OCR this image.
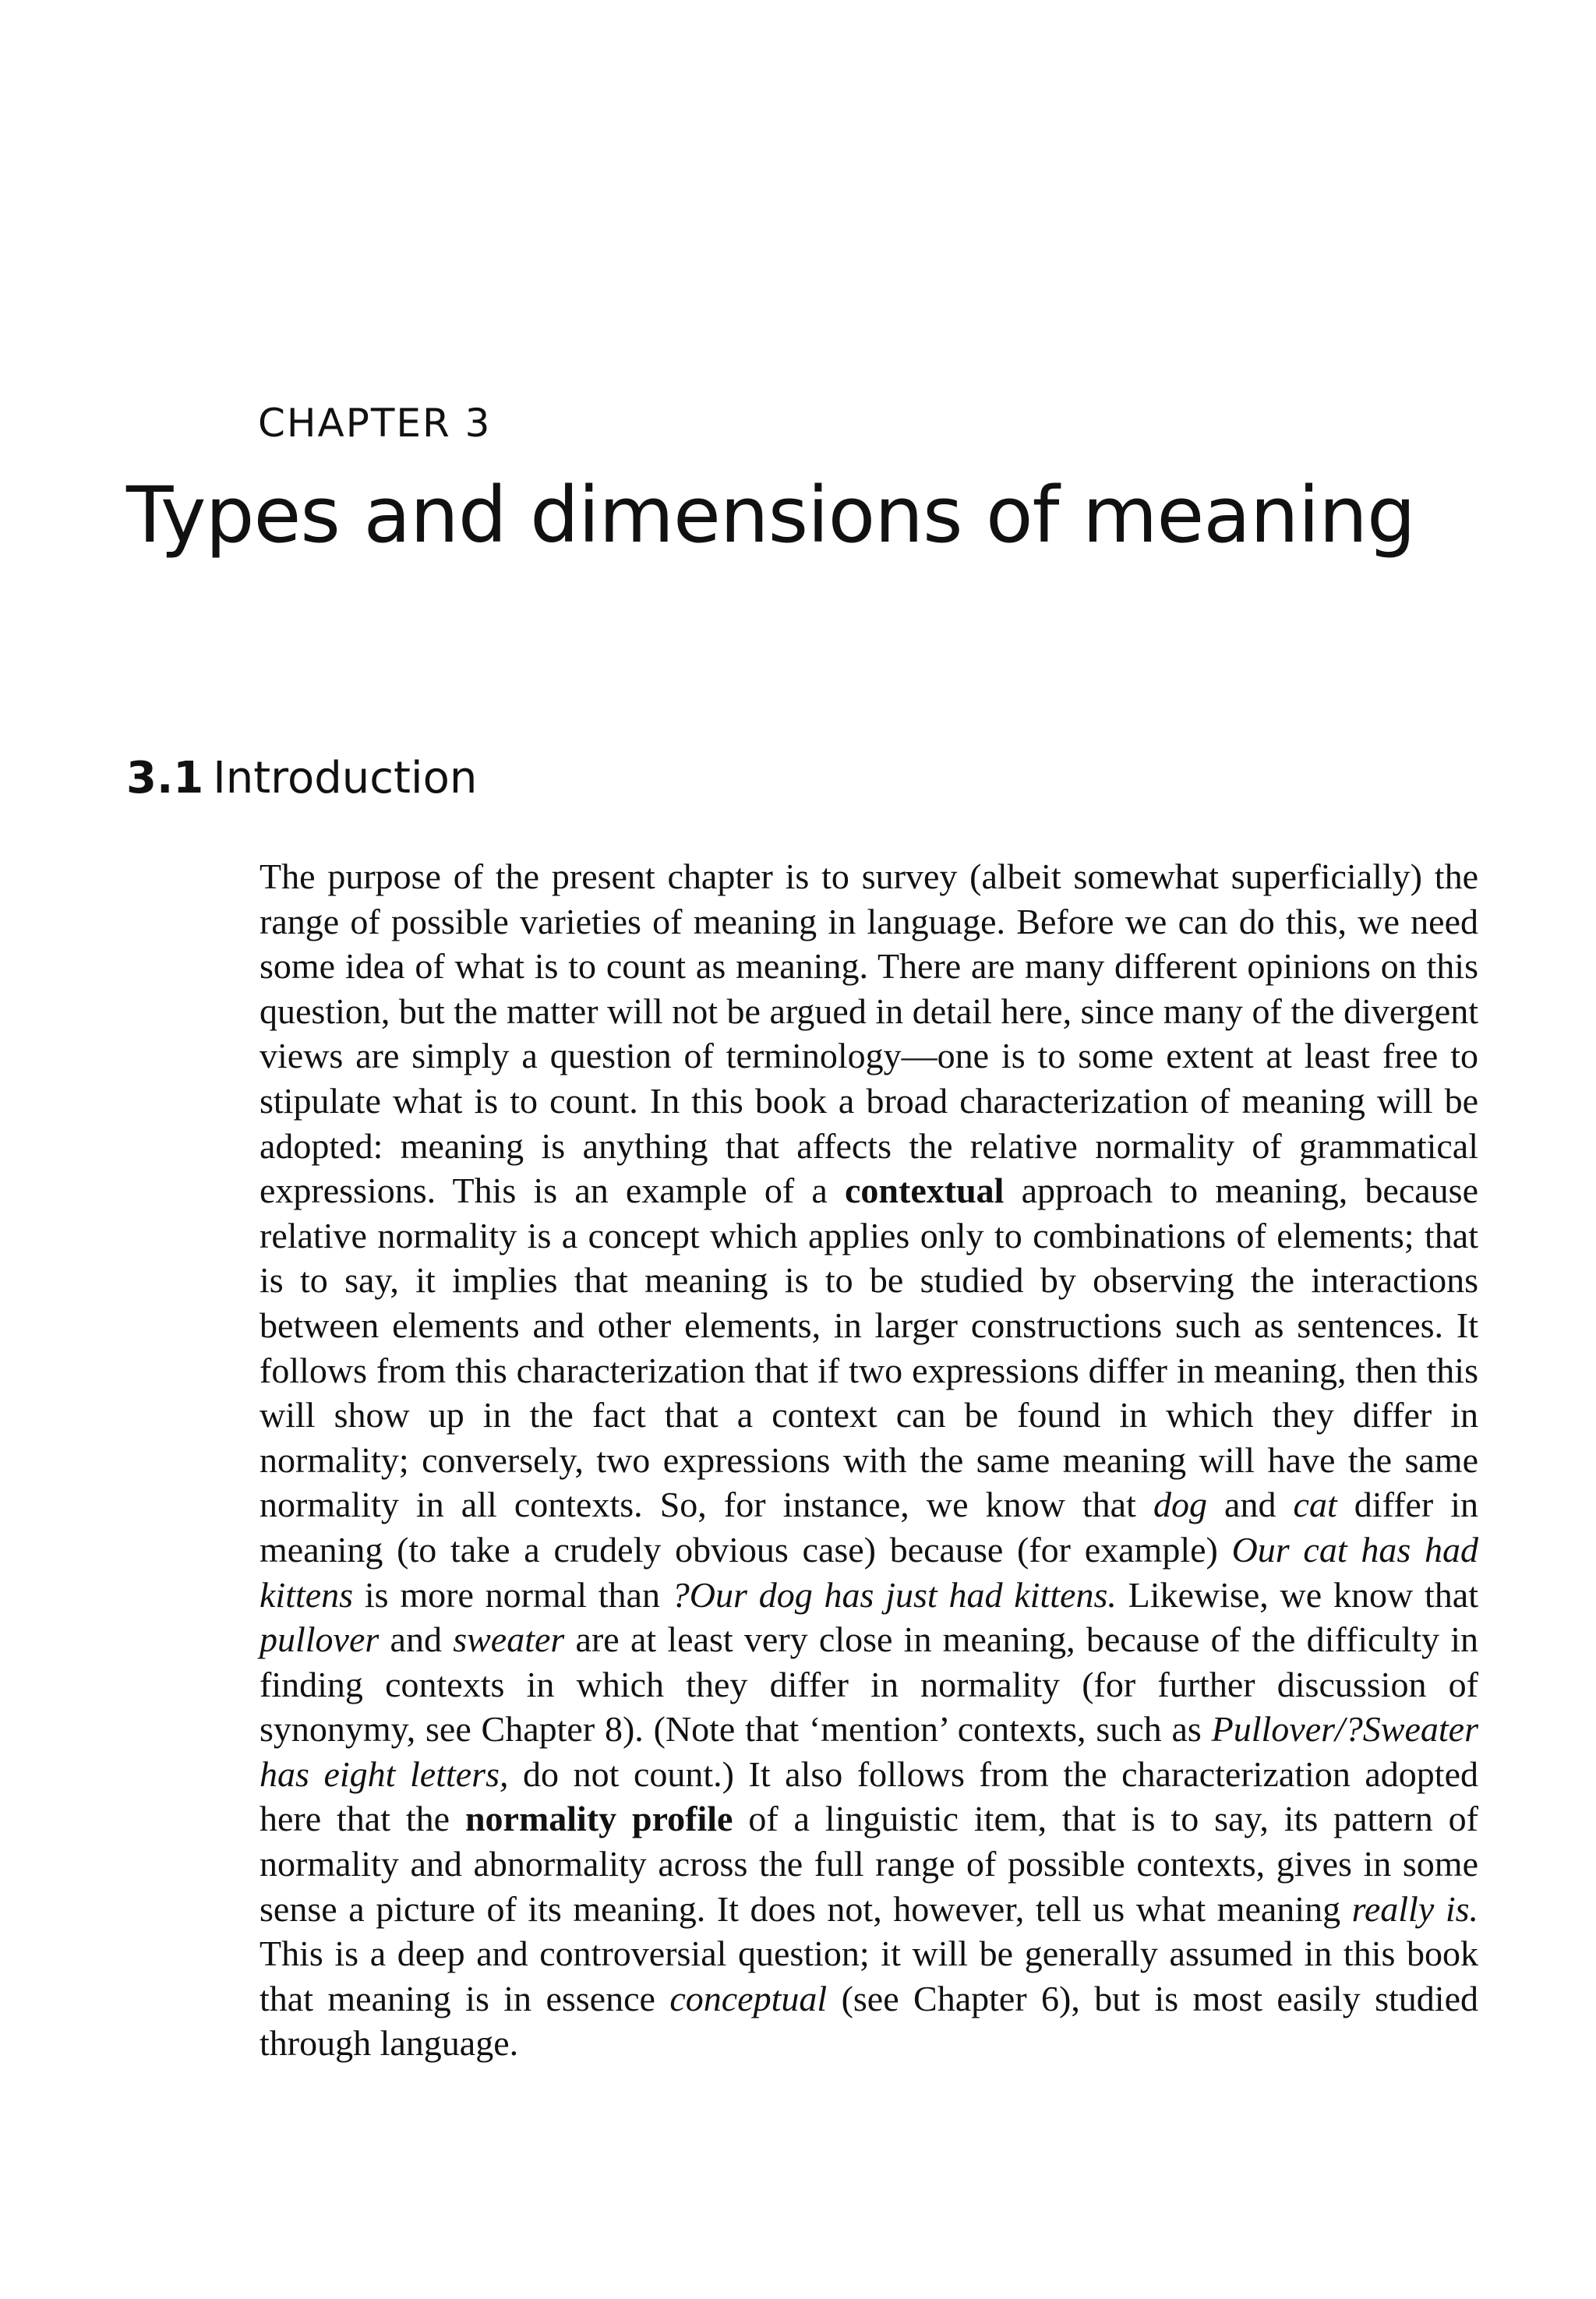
CHAPTER 3
Types and dimensions of meaning
3.1 Introduction

The purpose of the present chapter is to survey (albeit somewhat superficially) the range of possible varieties of meaning in language. Before we can do this, we need some idea of what is to count as meaning. There are many different opinions on this question, but the matter will not be argued in detail here, since many of the divergent views are simply a question of terminology—one is to some extent at least free to stipulate what is to count. In this book a broad characterization of meaning will be adopted: meaning is anything that affects the relative normality of grammatical expressions. This is an example of a contextual approach to meaning, because relative normality is a concept which applies only to combinations of elements; that is to say, it implies that meaning is to be studied by observing the interactions between elements and other elements, in larger constructions such as sentences. It follows from this characterization that if two expressions differ in meaning, then this will show up in the fact that a context can be found in which they differ in normality; conversely, two expressions with the same meaning will have the same normality in all contexts. So, for instance, we know that dog and cat differ in meaning (to take a crudely obvious case) because (for example) Our cat has had kittens is more normal than ?Our dog has just had kittens. Likewise, we know that pullover and sweater are at least very close in meaning, because of the difficulty in finding contexts in which they differ in normality (for further discussion of synonymy, see Chapter 8). (Note that ‘mention’ contexts, such as Pullover/?Sweater has eight letters, do not count.) It also follows from the characterization adopted here that the normality profile of a linguistic item, that is to say, its pattern of normality and abnormality across the full range of possible contexts, gives in some sense a picture of its meaning. It does not, however, tell us what meaning really is. This is a deep and controversial question; it will be generally assumed in this book that meaning is in essence conceptual (see Chapter 6), but is most easily studied through language.
